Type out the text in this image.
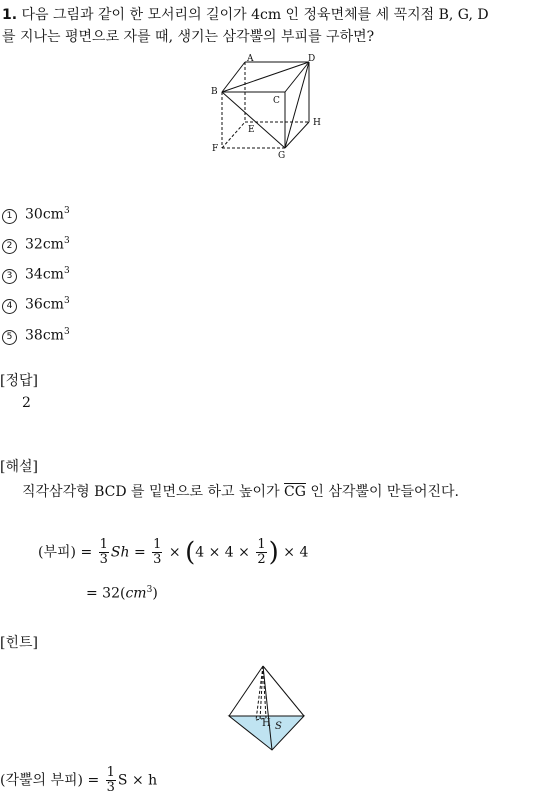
1. 다음 그림과 같이 한 모서리의 길이가 4cm 인 정육면체를 세 꼭지점 B, G, D
를 지나는 평면으로 자를 때, 생기는 삼각뿔의 부피를 구하면?
A	D
B
C
E
H
F
G
1 $30cm^3$
2 $32cm^3$
3 $34cm^3$
4 $36cm^3$
5 $38cm^3$
[정답]
2
[해설]
직각삼각형 BCD 를 밑면으로 하고 높이가 $\overline{CG}$ 인 삼각뿔이 만들어진다.
(부피) = $\frac{1}{3}$ $Sh = \frac{1}{3} \times (4 \times 4 \times \frac{1}{2}$ ) × 4
= $32(cm^3)$
[힌트]
H S
(각뿔의 부피) = $\frac{1}{3}$ S × h
